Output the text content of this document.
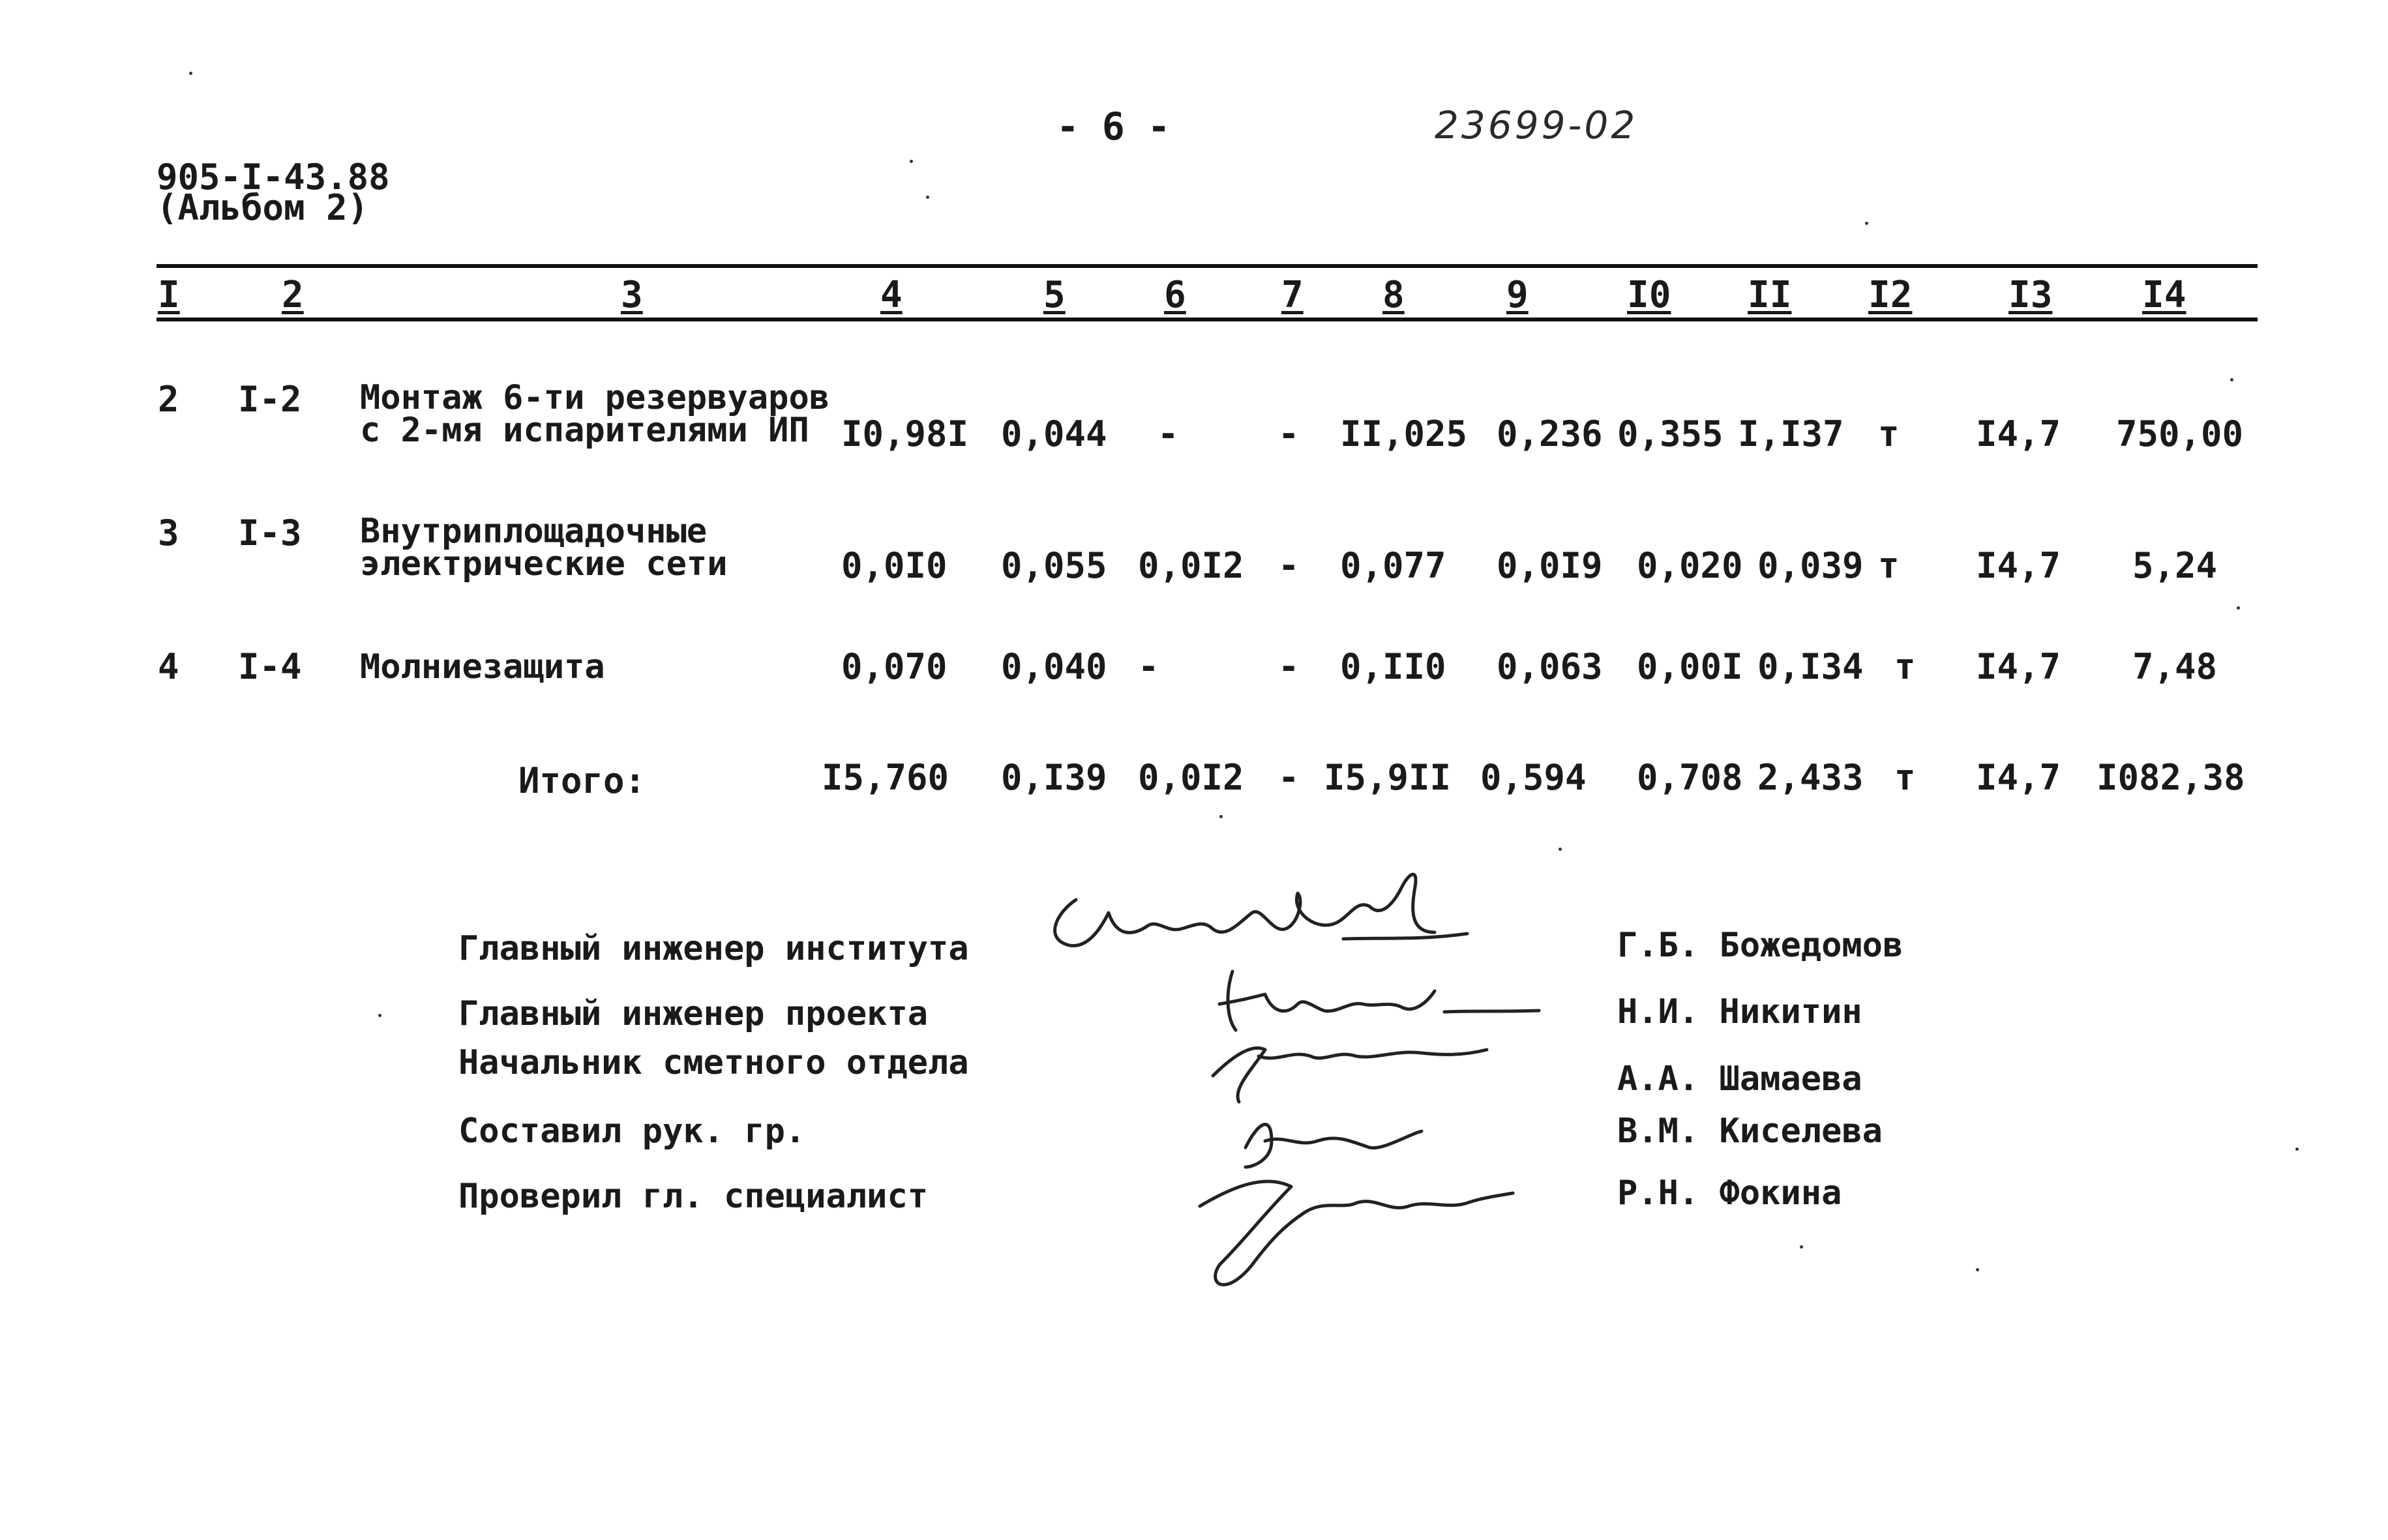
- 6 -	23699-02
905-I-43.88
(Альбом 2)
I	2	3	4	5	6	7 8	9	I0 II I2	I3 I4
2 I-2 Монтаж 6-ти резервуаров
с 2-мя испарителями ИП I0,98I 0,044 -	- II,025 0,236 0,355 I,I37 т I4,7 750,00
3 I-3 Внутриплощадочные
электрические сети	0,0I0 0,055 0,0I2 - 0,077 0,0I9 0,020 0,039 т I4,7 5,24
4 I-4 Молниезащита	0,070 0,040 -	- 0,II0 0,063 0,00I 0,I34 т I4,7 7,48
Итого:	I5,760 0,I39 0,0I2 - I5,9II 0,594 0,708 2,433 т I4,7 I082,38
Главный инженер института	Г.Б. Божедомов
Главный инженер проекта	Н.И. Никитин
Начальник сметного отдела	А.А. Шамаева
Составил рук. гр.	В.М. Киселева
Проверил гл. специалист	Р.Н. Фокина
